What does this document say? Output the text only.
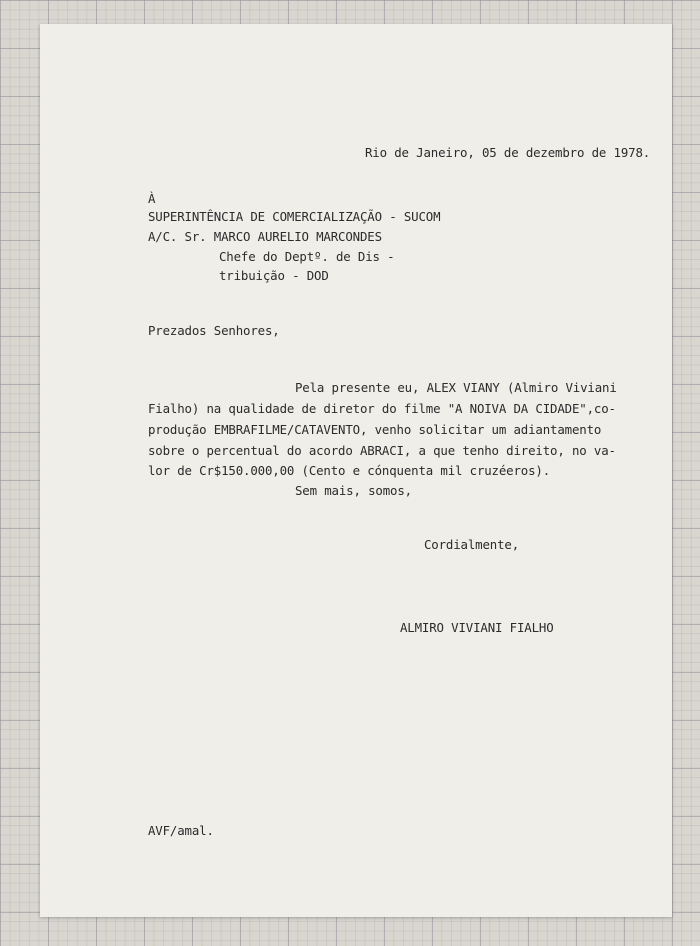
Rio de Janeiro, 05 de dezembro de 1978.
À
SUPERINTÊNCIA DE COMERCIALIZAÇÃO - SUCOM
A/C. Sr. MARCO AURELIO MARCONDES
Chefe do Deptº. de Dis -
tribuição - DOD
Prezados Senhores,
Pela presente eu, ALEX VIANY (Almiro Viviani
Fialho) na qualidade de diretor do filme "A NOIVA DA CIDADE",co-
produção EMBRAFILME/CATAVENTO, venho solicitar um adiantamento
sobre o percentual do acordo ABRACI, a que tenho direito, no va-
lor de Cr$150.000,00 (Cento e cónquenta mil cruzéeros).
Sem mais, somos,
Cordialmente,
ALMIRO VIVIANI FIALHO
AVF/amal.
